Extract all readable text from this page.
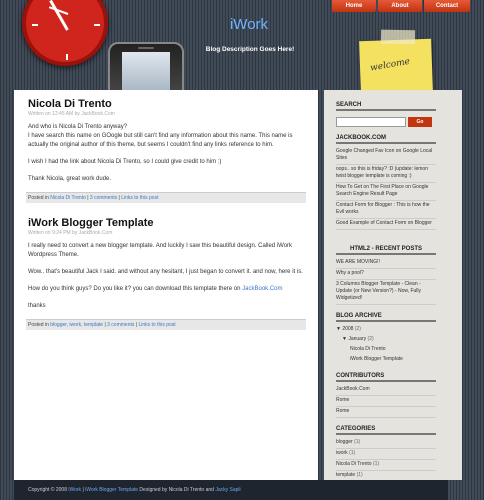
iWork
Blog Description Goes Here!
Home	About	Contact
welcome
Nicola Di Trento
Written on 12:45 AM by JackBook.Com

And who is Nicola Di Trento anyway?

I have search this name on GOogle but still can't find any information about this name. This name is actually the original author of this theme, but seems I couldn't find any links reference to him.

I wish I had the link about Nicola Di Trento, so I could give credit to him :)

Thank Nicola, great work dude.

Posted in Nicola Di Trento | 3 comments | Links to this post
iWork Blogger Template
Written on 9:24 PM by JackBook.Com

I really need to convert a new blogger template. And luckily I saw this beautiful design. Called iWork Wordpress Theme.

Wow.. that's beautiful Jack I said. and without any hesitant, I just began to convert it. and now, here it is.

How do you think guys? Do you like it? you can download this template there on JackBook.Com

thanks

Posted in blogger, iwork, template | 3 comments | Links to this post
SEARCH
Go
JACKBOOK.COM
Google Changed Fav Icon on Google Local Sites
oops.. so this is friday? :D (update: lemon twist blogger template is coming :)
How To Get on The First Place on Google Search Engine Result Page
Contact Form for Blogger : This is how the Evil works
Good Example of Contact Form on Blogger
HTML2 - RECENT POSTS
WE ARE MOVING!!
Why a pool?
3 Columns Blogger Template - Clean - Update (or New Version?) - Now, Fully Widgetized!
BLOG ARCHIVE
▼ 2008 (2)
▼ January (2)
Nicola Di Trento
iWork Blogger Template
CONTRIBUTORS
JackBook.Com
Rome
Rome
CATEGORIES
blogger (1)
iwork (1)
Nicola Di Trento (1)
template (1)
Copyright © 2008 iWork | iWork Blogger Template Designed by Nicola Di Trento and Jacky Sapli
